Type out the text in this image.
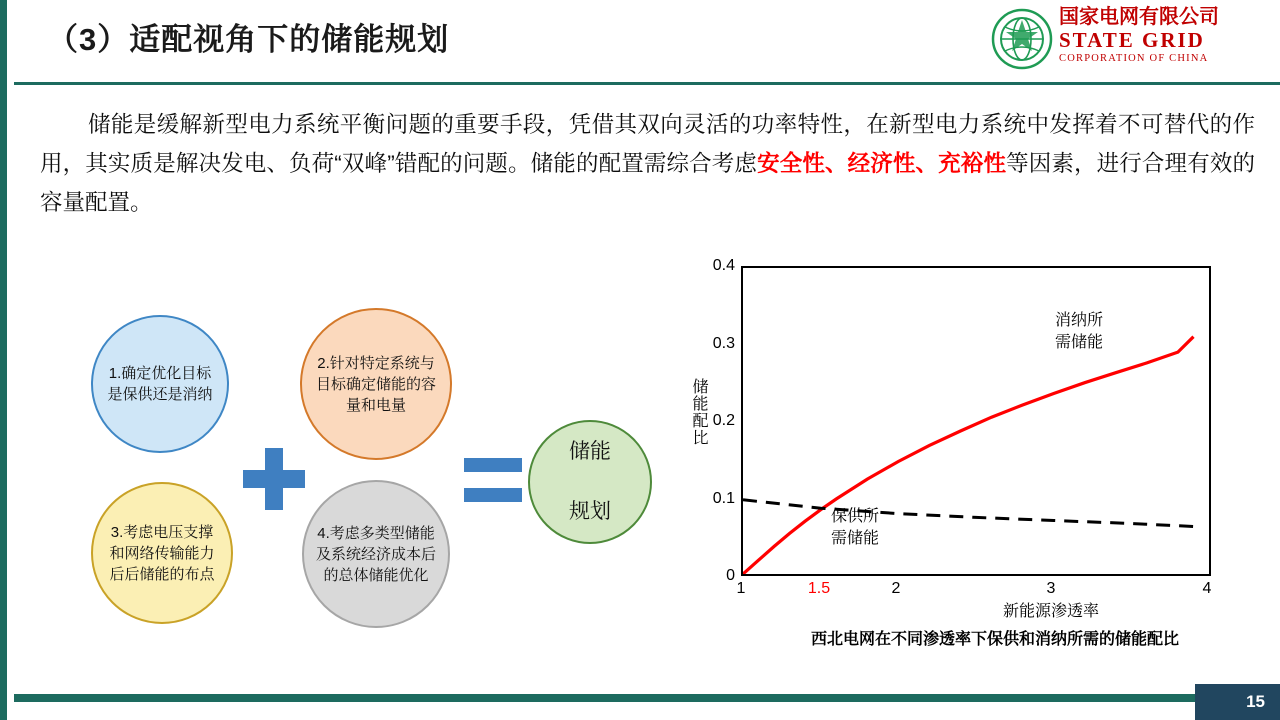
（3）适配视角下的储能规划
国家电网有限公司
STATE GRID
CORPORATION OF CHINA
储能是缓解新型电力系统平衡问题的重要手段，凭借其双向灵活的功率特性，在新型电力系统中发挥着不可替代的作用，其实质是解决发电、负荷“双峰”错配的问题。储能的配置需综合考虑安全性、经济性、充裕性等因素，进行合理有效的容量配置。
1.确定优化目标是保供还是消纳
2.针对特定系统与目标确定储能的容量和电量
3.考虑电压支撑和网络传输能力后后储能的布点
4.考虑多类型储能及系统经济成本后的总体储能优化
储能

规划
储能配比
0
0.1
0.2
0.3
0.4
消纳所
需储能
保供所
需储能
1	1.5	2	3	4
新能源渗透率
西北电网在不同渗透率下保供和消纳所需的储能配比
15
